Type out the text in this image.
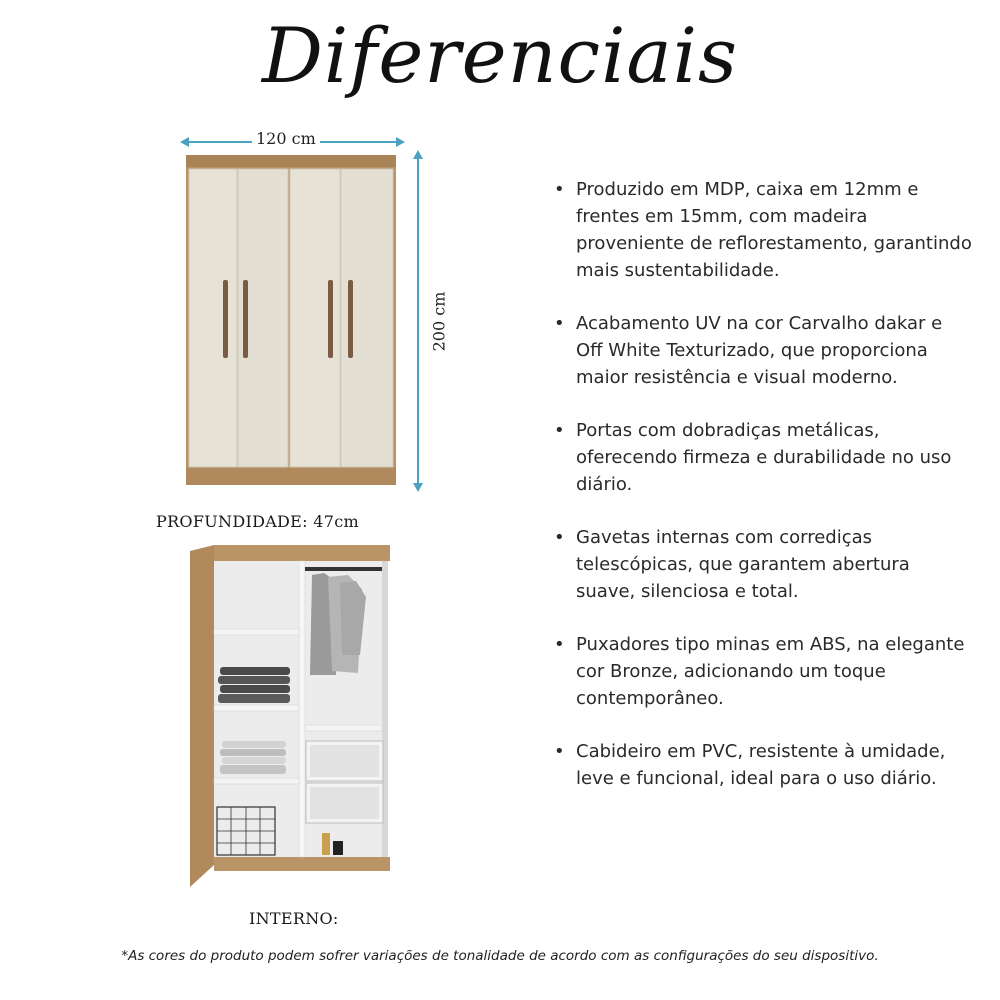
Diferenciais
120 cm
200 cm
PROFUNDIDADE: 47cm
INTERNO:
• Produzido em MDP, caixa em 12mm e frentes em 15mm, com madeira proveniente de reflorestamento, garantindo mais sustentabilidade.
• Acabamento UV na cor Carvalho dakar e Off White Texturizado, que proporciona maior resistência e visual moderno.
• Portas com dobradiças metálicas, oferecendo firmeza e durabilidade no uso diário.
• Gavetas internas com corrediças telescópicas, que garantem abertura suave, silenciosa e total.
• Puxadores tipo minas em ABS, na elegante cor Bronze, adicionando um toque contemporâneo.
• Cabideiro em PVC, resistente à umidade, leve e funcional, ideal para o uso diário.
*As cores do produto podem sofrer variações de tonalidade de acordo com as configurações do seu dispositivo.
